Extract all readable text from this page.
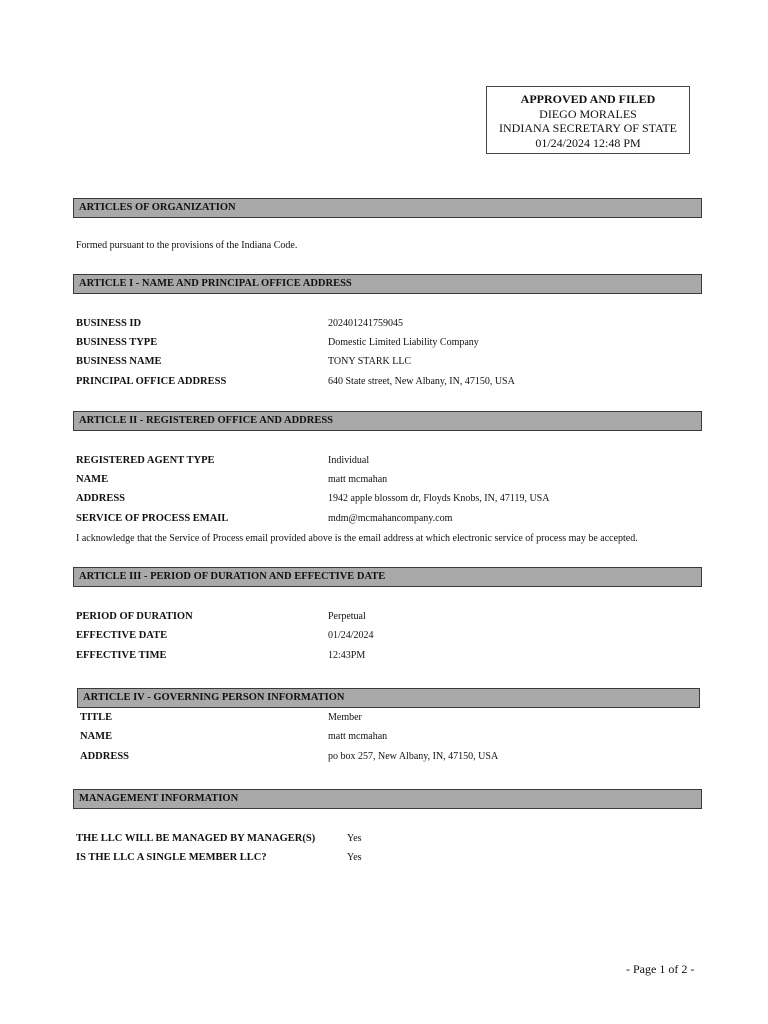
APPROVED AND FILED
DIEGO MORALES
INDIANA SECRETARY OF STATE
01/24/2024 12:48 PM
ARTICLES OF ORGANIZATION
Formed pursuant to the provisions of the Indiana Code.
ARTICLE I - NAME AND PRINCIPAL OFFICE ADDRESS
BUSINESS ID	202401241759045
BUSINESS TYPE	Domestic Limited Liability Company
BUSINESS NAME	TONY STARK LLC
PRINCIPAL OFFICE ADDRESS	640 State street, New Albany, IN, 47150, USA
ARTICLE II - REGISTERED OFFICE AND ADDRESS
REGISTERED AGENT TYPE	Individual
NAME	matt mcmahan
ADDRESS	1942 apple blossom dr, Floyds Knobs, IN, 47119, USA
SERVICE OF PROCESS EMAIL	mdm@mcmahancompany.com
I acknowledge that the Service of Process email provided above is the email address at which electronic service of process may be accepted.
ARTICLE III - PERIOD OF DURATION AND EFFECTIVE DATE
PERIOD OF DURATION	Perpetual
EFFECTIVE DATE	01/24/2024
EFFECTIVE TIME	12:43PM
ARTICLE IV - GOVERNING PERSON INFORMATION
TITLE	Member
NAME	matt mcmahan
ADDRESS	po box 257, New Albany, IN, 47150, USA
MANAGEMENT INFORMATION
THE LLC WILL BE MANAGED BY MANAGER(S)	Yes
IS THE LLC A SINGLE MEMBER LLC?	Yes
- Page 1 of 2 -
